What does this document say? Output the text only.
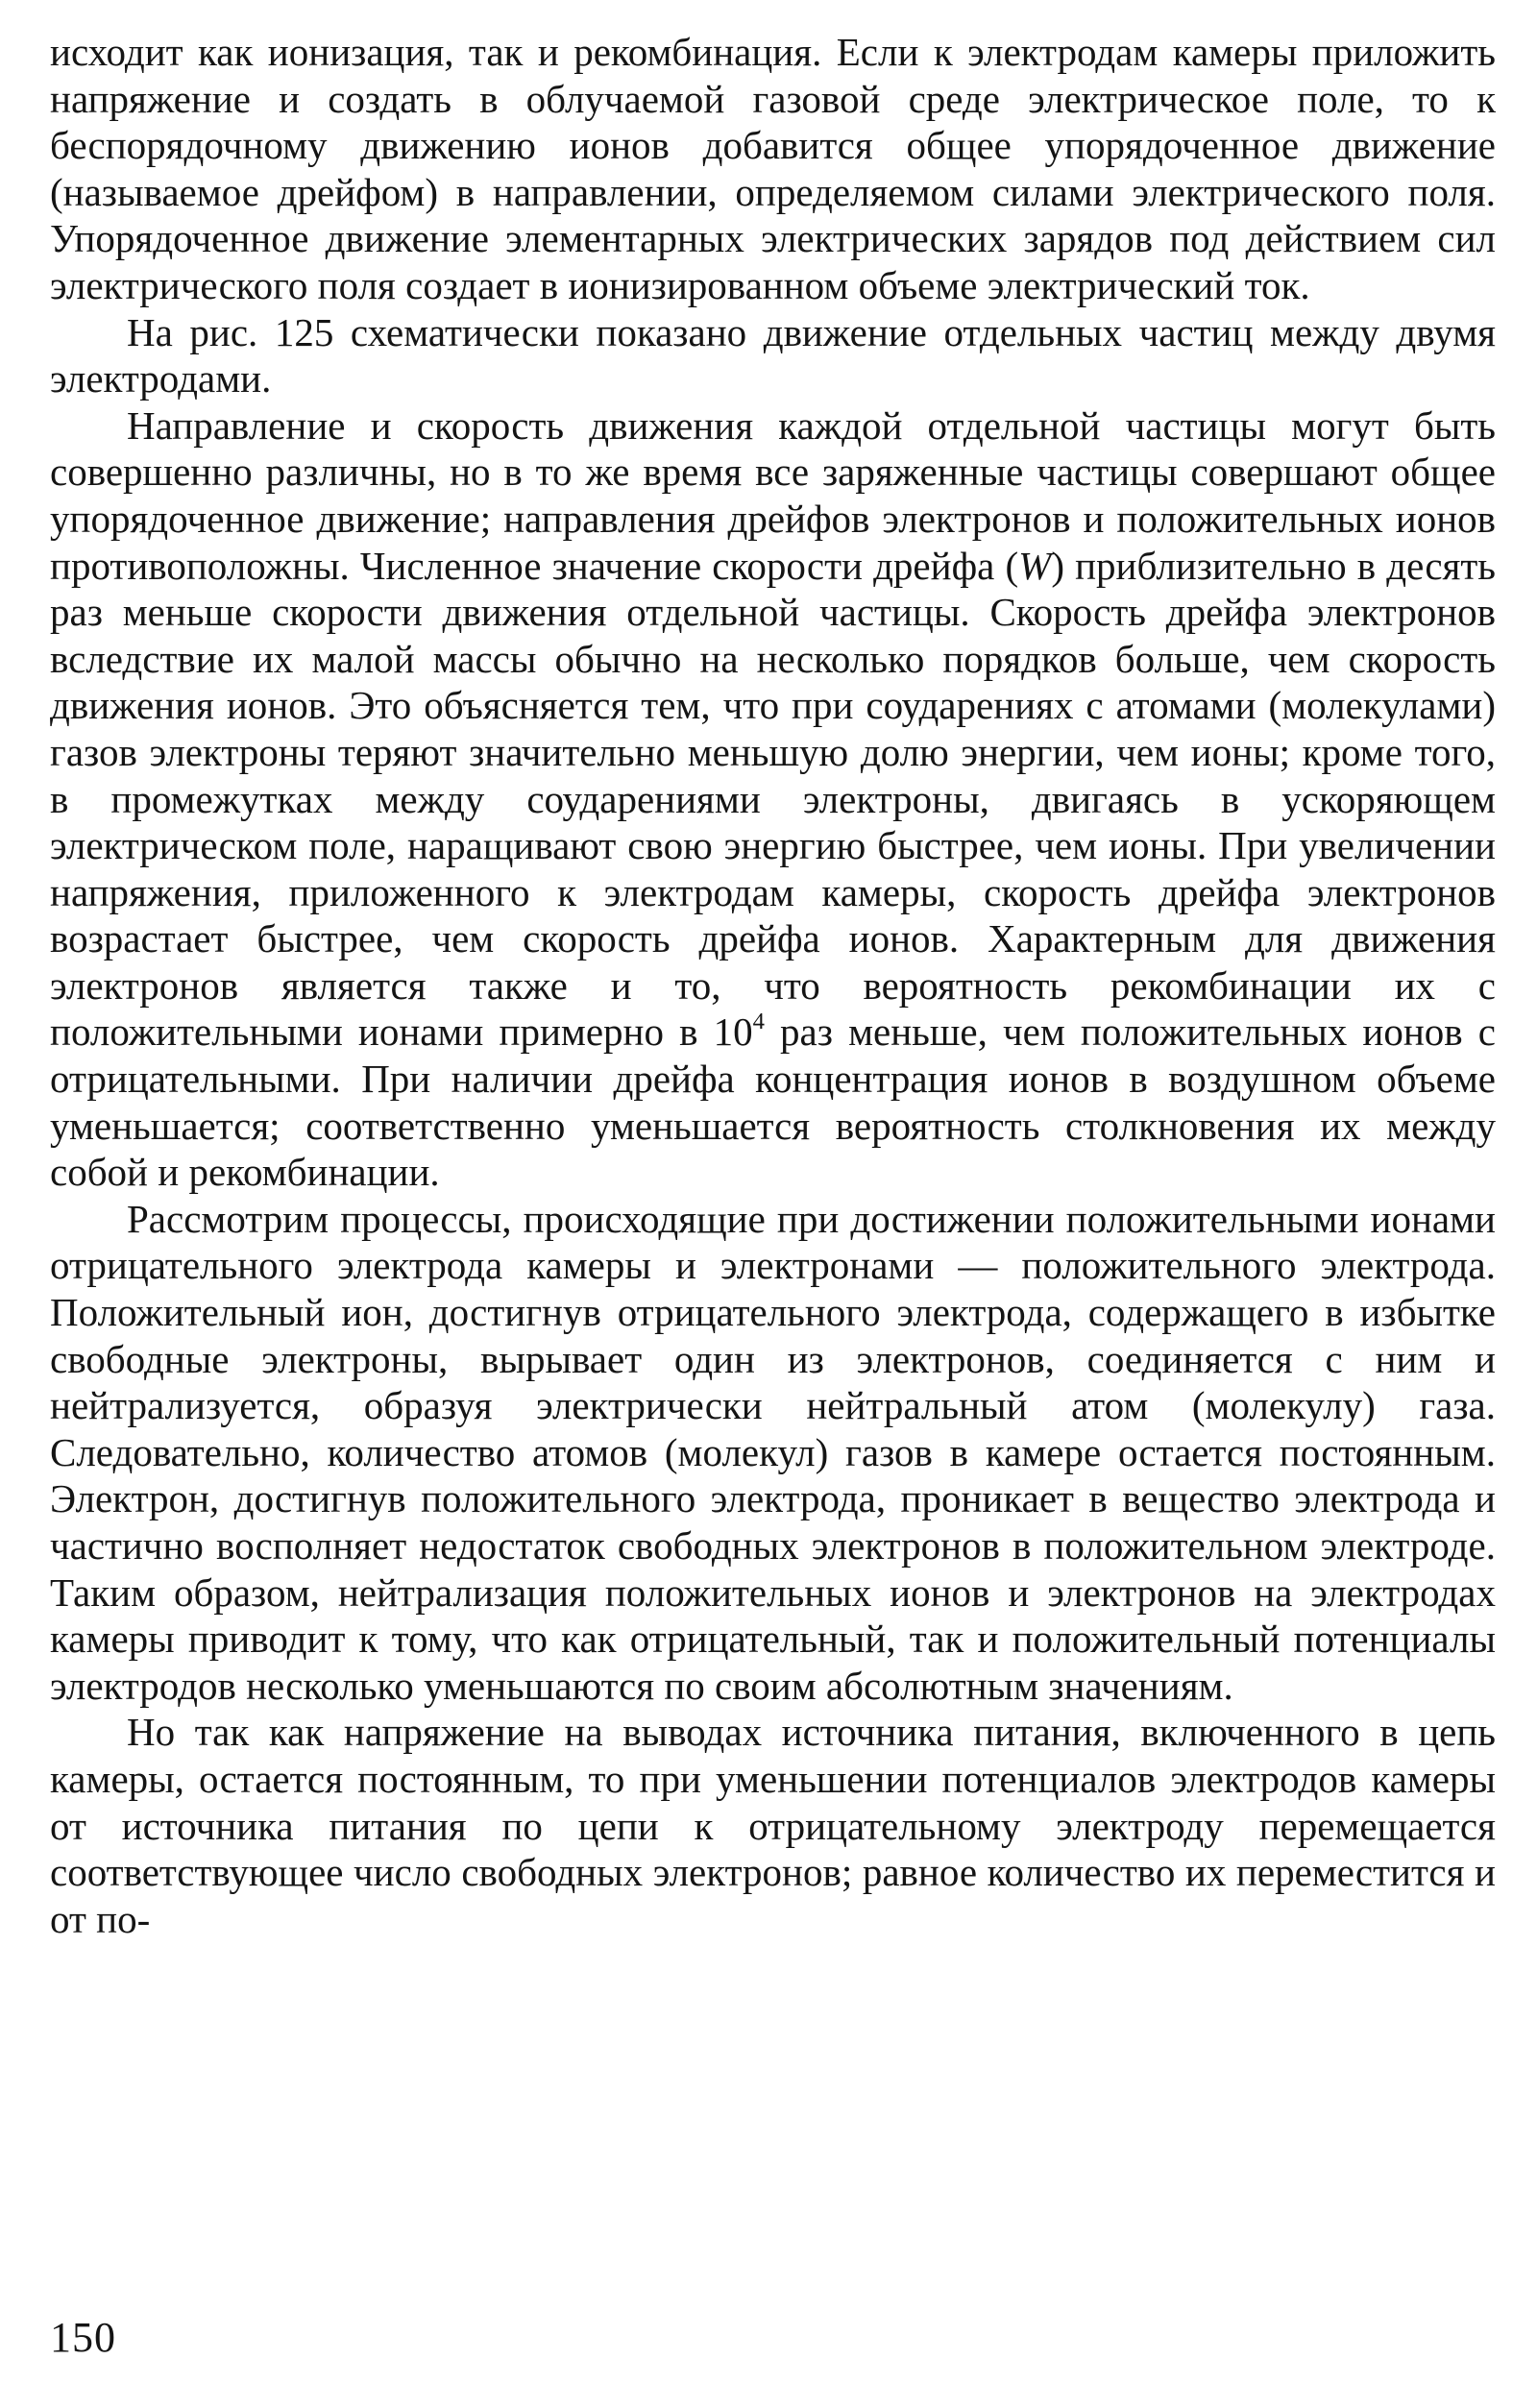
исходит как ионизация, так и рекомбинация. Если к электродам камеры приложить напряжение и создать в облучаемой газовой среде электрическое поле, то к беспорядочному движению ионов добавится общее упорядоченное движение (называемое дрейфом) в направлении, определяемом силами электрического поля. Упорядоченное движение элементарных электрических зарядов под действием сил электрического поля создает в ионизированном объеме электрический ток.

На рис. 125 схематически показано движение отдельных частиц между двумя электродами.

Направление и скорость движения каждой отдельной частицы могут быть совершенно различны, но в то же время все заряженные частицы совершают общее упорядоченное движение; направления дрейфов электронов и положительных ионов противоположны. Численное значение скорости дрейфа (W) приблизительно в десять раз меньше скорости движения отдельной частицы. Скорость дрейфа электронов вследствие их малой массы обычно на несколько порядков больше, чем скорость движения ионов. Это объясняется тем, что при соударениях с атомами (молекулами) газов электроны теряют значительно меньшую долю энергии, чем ионы; кроме того, в промежутках между соударениями электроны, двигаясь в ускоряющем электрическом поле, наращивают свою энергию быстрее, чем ионы. При увеличении напряжения, приложенного к электродам камеры, скорость дрейфа электронов возрастает быстрее, чем скорость дрейфа ионов. Характерным для движения электронов является также и то, что вероятность рекомбинации их с положительными ионами примерно в $10^4$ раз меньше, чем положительных ионов с отрицательными. При наличии дрейфа концентрация ионов в воздушном объеме уменьшается; соответственно уменьшается вероятность столкновения их между собой и рекомбинации.

Рассмотрим процессы, происходящие при достижении положительными ионами отрицательного электрода камеры и электронами — положительного электрода. Положительный ион, достигнув отрицательного электрода, содержащего в избытке свободные электроны, вырывает один из электронов, соединяется с ним и нейтрализуется, образуя электрически нейтральный атом (молекулу) газа. Следовательно, количество атомов (молекул) газов в камере остается постоянным. Электрон, достигнув положительного электрода, проникает в вещество электрода и частично восполняет недостаток свободных электронов в положительном электроде. Таким образом, нейтрализация положительных ионов и электронов на электродах камеры приводит к тому, что как отрицательный, так и положительный потенциалы электродов несколько уменьшаются по своим абсолютным значениям.

Но так как напряжение на выводах источника питания, включенного в цепь камеры, остается постоянным, то при уменьшении потенциалов электродов камеры от источника питания по цепи к отрицательному электроду перемещается соответствующее число свободных электронов; равное количество их переместится и от по-

150
